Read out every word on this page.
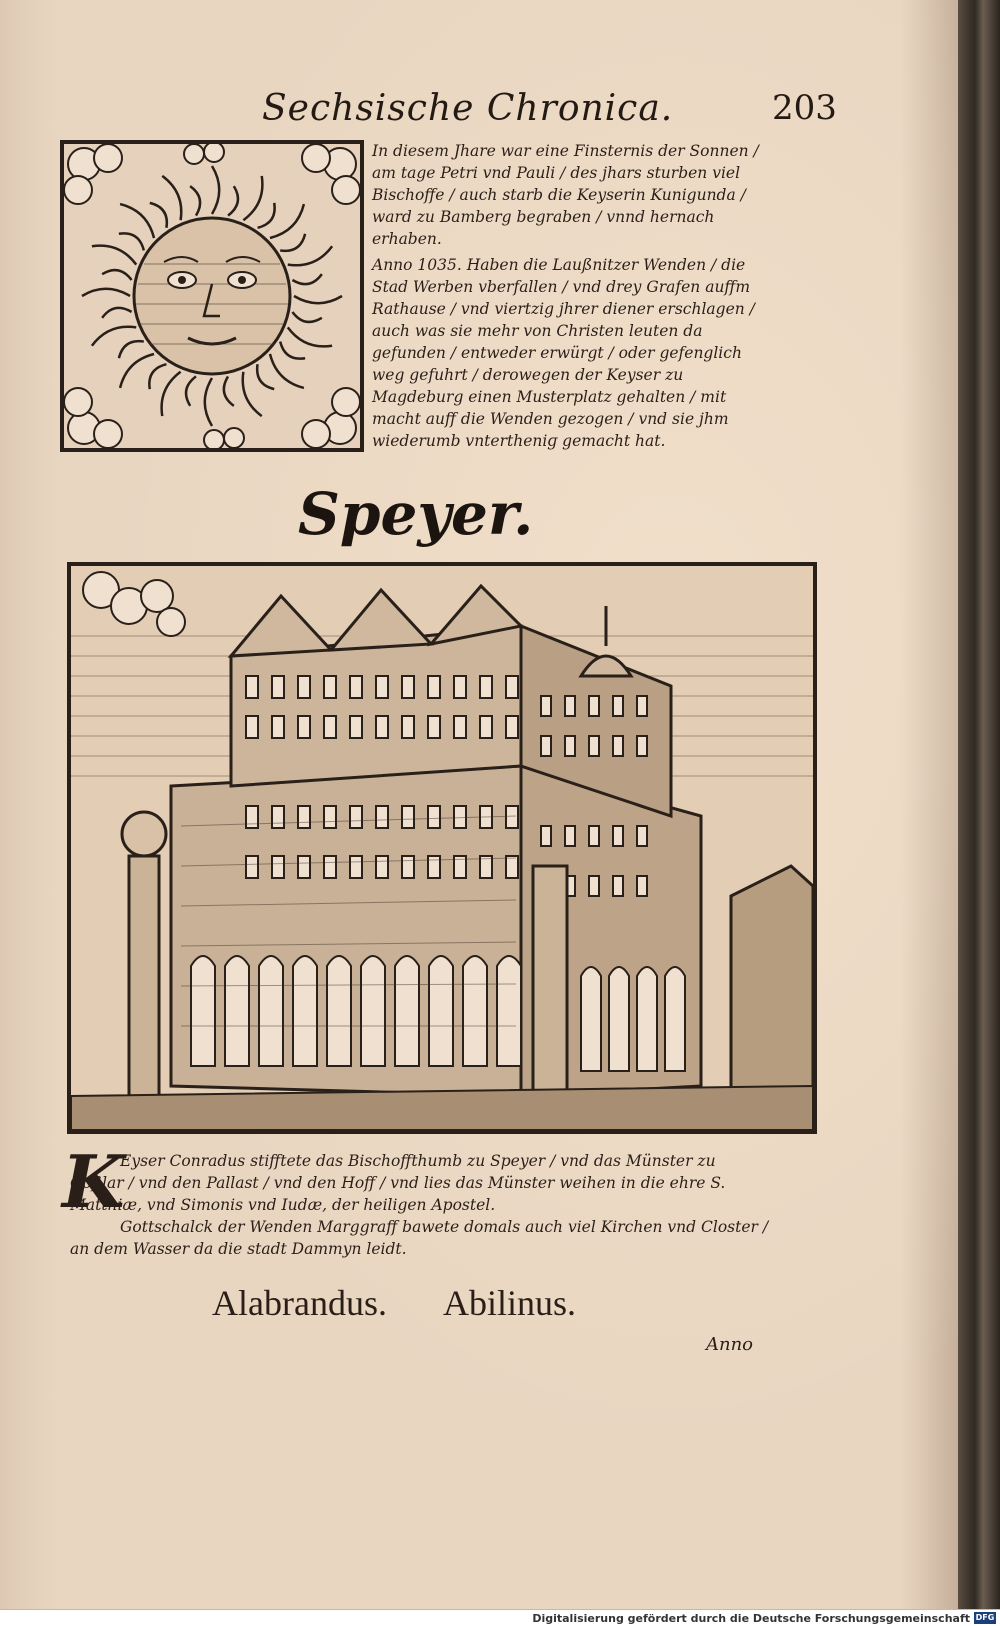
Sechsische Chronica.	203

In diesem Jhare war eine Finsternis der Sonnen / am tage Petri vnd Pauli / des jhars sturben viel Bischoffe / auch starb die Keyserin Kunigunda / ward zu Bamberg begraben / vnnd hernach erhaben.

Anno 1035. Haben die Laußnitzer Wenden / die Stad Werben vberfallen / vnd drey Grafen auffm Rathause / vnd viertzig jhrer diener erschlagen / auch was sie mehr von Christen leuten da gefunden / entweder erwürgt / oder gefenglich weg gefuhrt / derowegen der Keyser zu Magdeburg einen Musterplatz gehalten / mit macht auff die Wenden gezogen / vnd sie jhm wiederumb vntertheniɡ gemacht hat.

Speyer.
K

Eyser Conradus stifftete das Bischoffthumb zu Speyer / vnd das Münster zu Goßlar / vnd den Pallast / vnd den Hoff / vnd lies das Münster weihen in die ehre S. Matthiæ, vnd Simonis vnd Iudæ, der heiligen Apostel.

Gottschalck der Wenden Marggraff bawete domals auch viel Kirchen vnd Closter / an dem Wasser da die stadt Dammyn leidt.

Alabrandus. Abilinus.
Anno
Digitalisierung gefördert durch die Deutsche Forschungsgemeinschaft DFG
